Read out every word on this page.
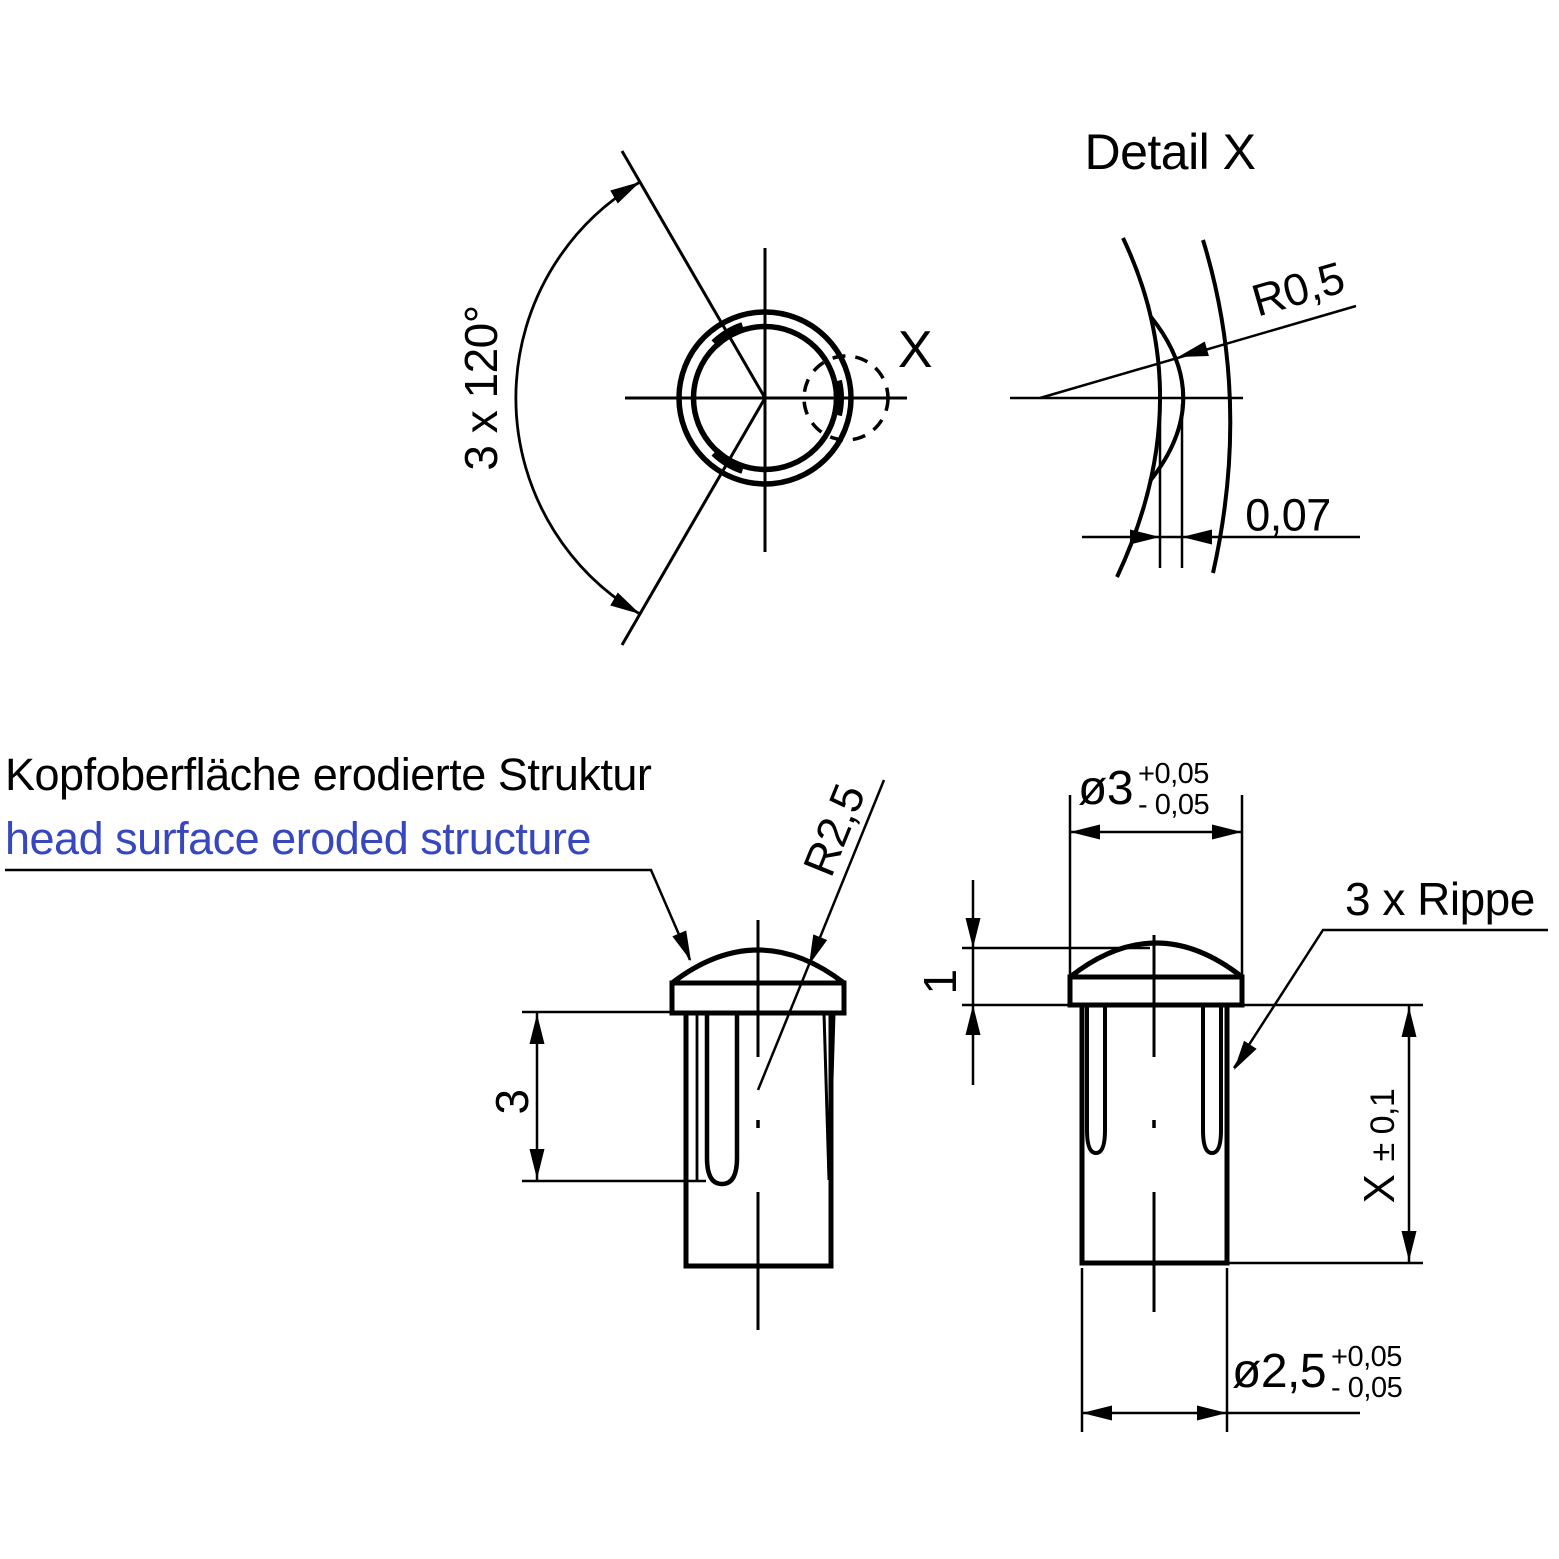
Kopfoberfläche erodierte Struktur
head surface eroded structure
Detail X
X
3 x 120°
R0,5
0,07
R2,5
3
ø3 +0,05
- 0,05
1
3 x Rippe
X ± 0,1
ø2,5 +0,05
- 0,05
